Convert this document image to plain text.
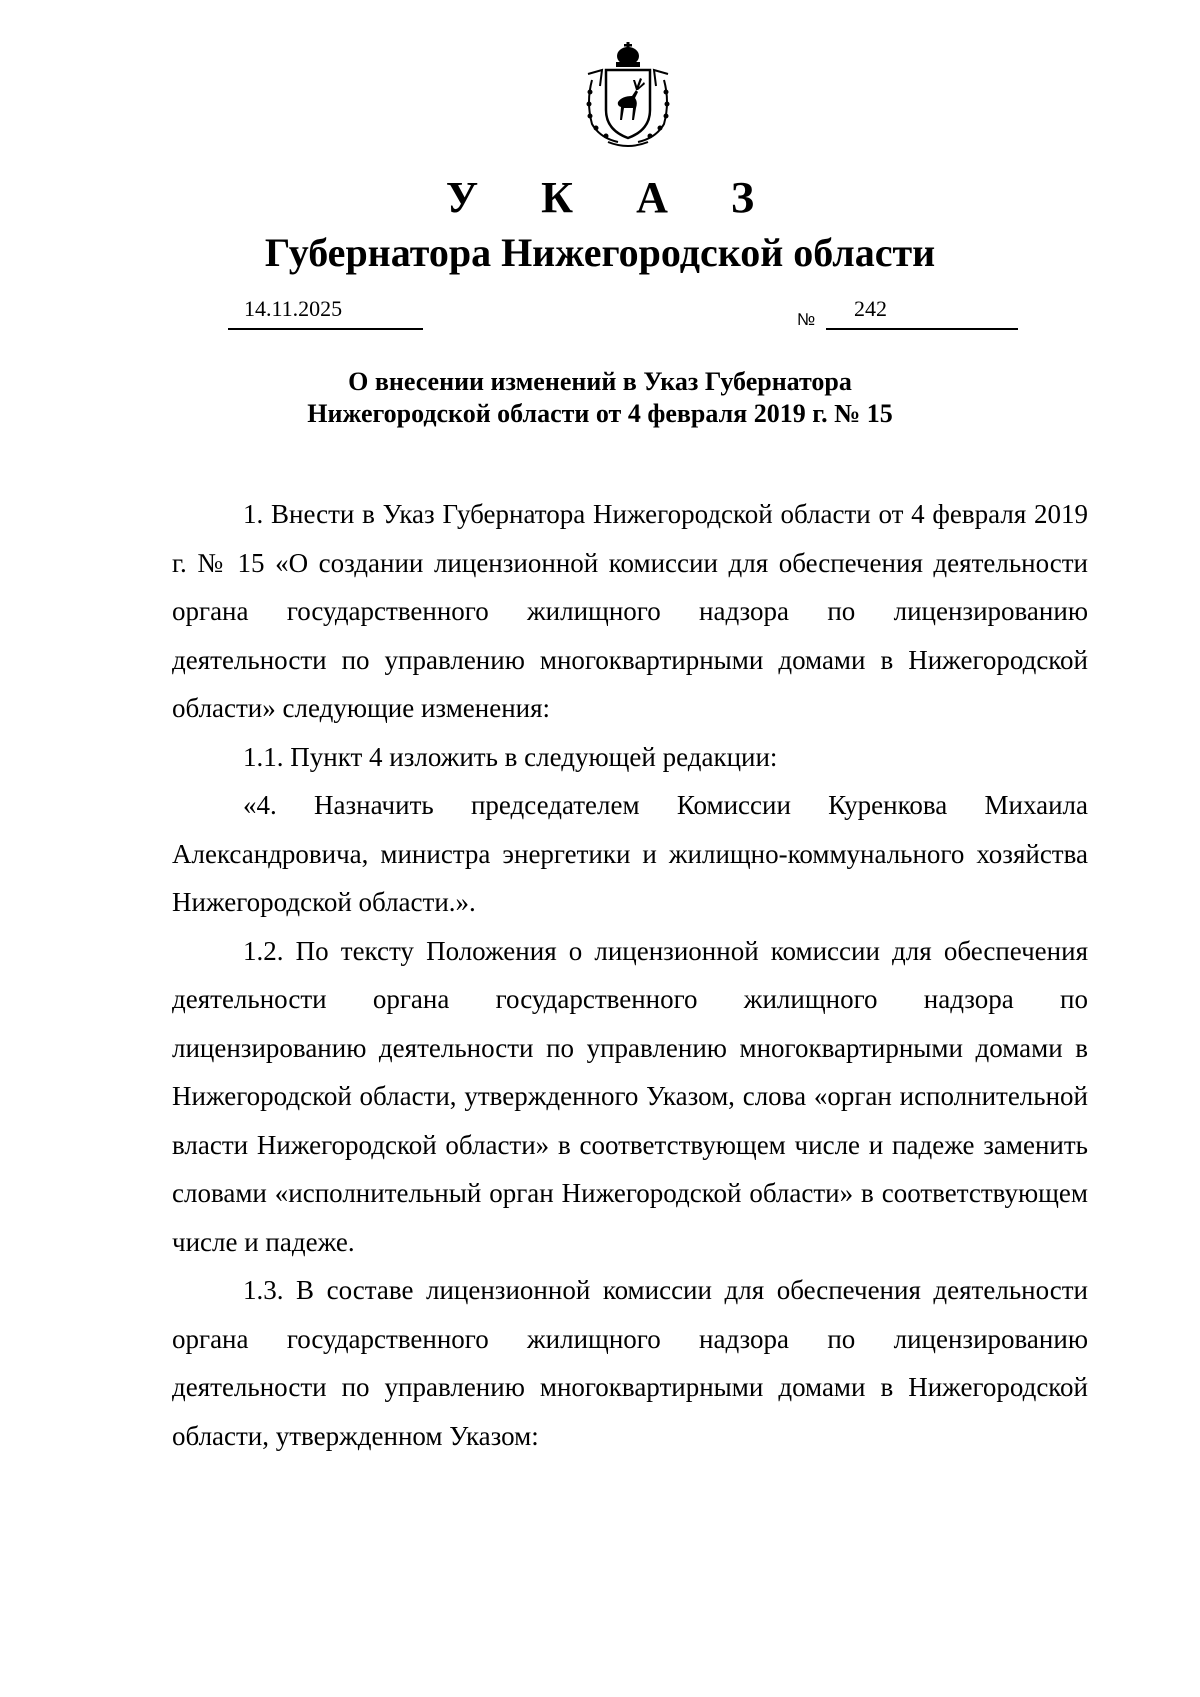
У К А З
Губернатора Нижегородской области
14.11.2025	№ 242
О внесении изменений в Указ Губернатора
Нижегородской области от 4 февраля 2019 г. № 15

1. Внести в Указ Губернатора Нижегородской области от 4 февраля 2019 г. № 15 «О создании лицензионной комиссии для обеспечения деятельности органа государственного жилищного надзора по лицензированию деятельности по управлению многоквартирными домами в Нижегородской области» следующие изменения:

1.1. Пункт 4 изложить в следующей редакции:

«4. Назначить председателем Комиссии Куренкова Михаила Александровича, министра энергетики и жилищно-коммунального хозяйства Нижегородской области.».

1.2. По тексту Положения о лицензионной комиссии для обеспечения деятельности органа государственного жилищного надзора по лицензированию деятельности по управлению многоквартирными домами в Нижегородской области, утвержденного Указом, слова «орган исполнительной власти Нижегородской области» в соответствующем числе и падеже заменить словами «исполнительный орган Нижегородской области» в соответствующем числе и падеже.

1.3. В составе лицензионной комиссии для обеспечения деятельности органа государственного жилищного надзора по лицензированию деятельности по управлению многоквартирными домами в Нижегородской области, утвержденном Указом:
